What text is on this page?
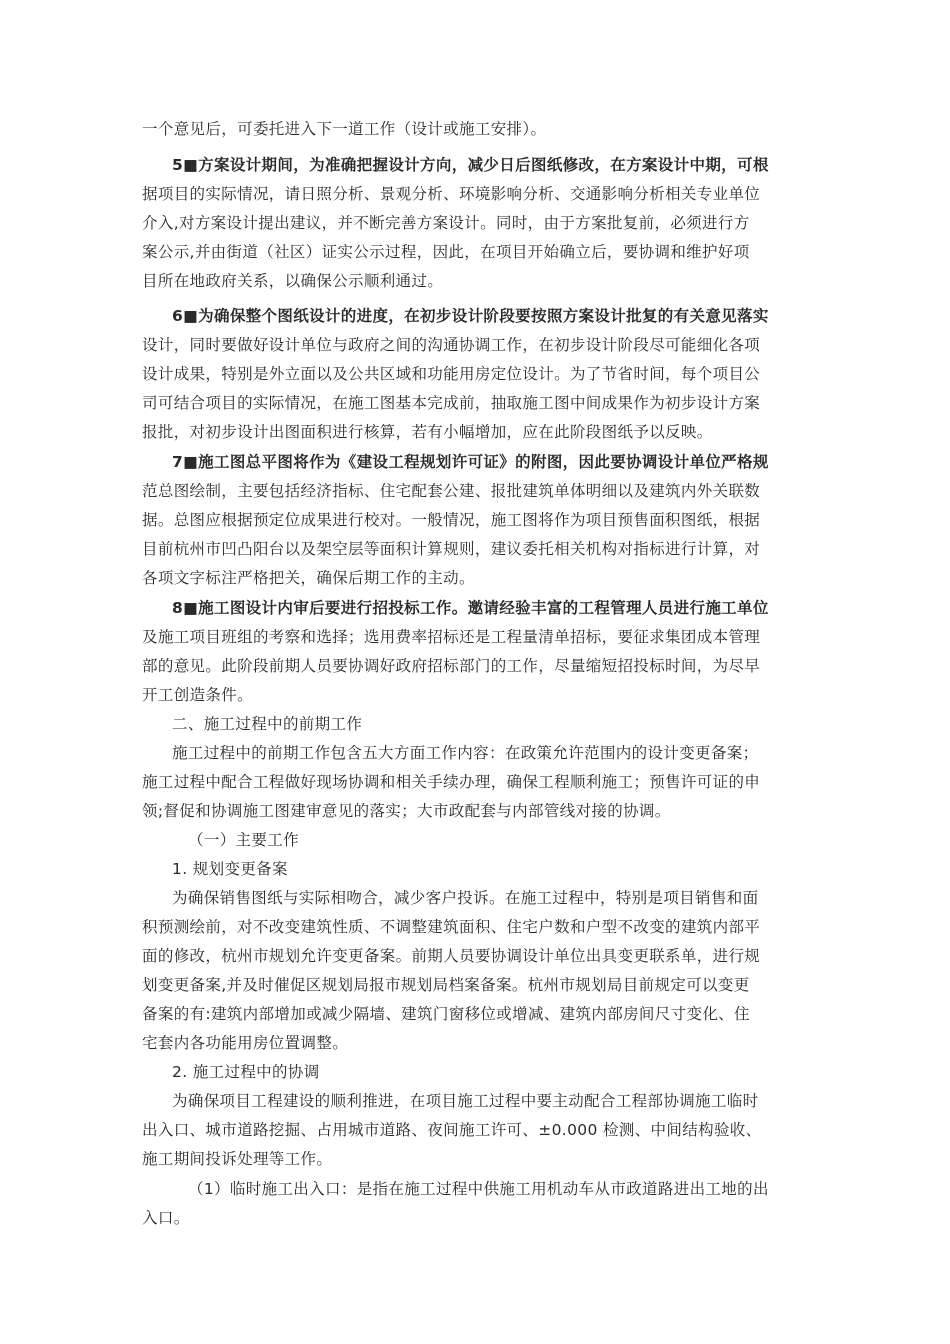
一个意见后，可委托进入下一道工作（设计或施工安排）。
5■方案设计期间，为准确把握设计方向，减少日后图纸修改，在方案设计中期，可根
据项目的实际情况，请日照分析、景观分析、环境影响分析、交通影响分析相关专业单位
介入,对方案设计提出建议，并不断完善方案设计。同时，由于方案批复前，必须进行方
案公示,并由街道（社区）证实公示过程，因此，在项目开始确立后，要协调和维护好项
目所在地政府关系，以确保公示顺利通过。
6■为确保整个图纸设计的进度，在初步设计阶段要按照方案设计批复的有关意见落实
设计，同时要做好设计单位与政府之间的沟通协调工作，在初步设计阶段尽可能细化各项
设计成果，特别是外立面以及公共区域和功能用房定位设计。为了节省时间，每个项目公
司可结合项目的实际情况，在施工图基本完成前，抽取施工图中间成果作为初步设计方案
报批，对初步设计出图面积进行核算，若有小幅增加，应在此阶段图纸予以反映。
7■施工图总平图将作为《建设工程规划许可证》的附图，因此要协调设计单位严格规
范总图绘制，主要包括经济指标、住宅配套公建、报批建筑单体明细以及建筑内外关联数
据。总图应根据预定位成果进行校对。一般情况，施工图将作为项目预售面积图纸，根据
目前杭州市凹凸阳台以及架空层等面积计算规则，建议委托相关机构对指标进行计算，对
各项文字标注严格把关，确保后期工作的主动。
8■施工图设计内审后要进行招投标工作。邀请经验丰富的工程管理人员进行施工单位
及施工项目班组的考察和选择；选用费率招标还是工程量清单招标，要征求集团成本管理
部的意见。此阶段前期人员要协调好政府招标部门的工作，尽量缩短招投标时间，为尽早
开工创造条件。
二、施工过程中的前期工作
施工过程中的前期工作包含五大方面工作内容：在政策允许范围内的设计变更备案；
施工过程中配合工程做好现场协调和相关手续办理，确保工程顺利施工；预售许可证的申
领;督促和协调施工图建审意见的落实；大市政配套与内部管线对接的协调。
（一）主要工作
1. 规划变更备案
为确保销售图纸与实际相吻合，减少客户投诉。在施工过程中，特别是项目销售和面
积预测绘前，对不改变建筑性质、不调整建筑面积、住宅户数和户型不改变的建筑内部平
面的修改，杭州市规划允许变更备案。前期人员要协调设计单位出具变更联系单，进行规
划变更备案,并及时催促区规划局报市规划局档案备案。杭州市规划局目前规定可以变更
备案的有:建筑内部增加或减少隔墙、建筑门窗移位或增减、建筑内部房间尺寸变化、住
宅套内各功能用房位置调整。
2. 施工过程中的协调
为确保项目工程建设的顺利推进，在项目施工过程中要主动配合工程部协调施工临时
出入口、城市道路挖掘、占用城市道路、夜间施工许可、±0.000 检测、中间结构验收、
施工期间投诉处理等工作。
（1）临时施工出入口：是指在施工过程中供施工用机动车从市政道路进出工地的出
入口。
